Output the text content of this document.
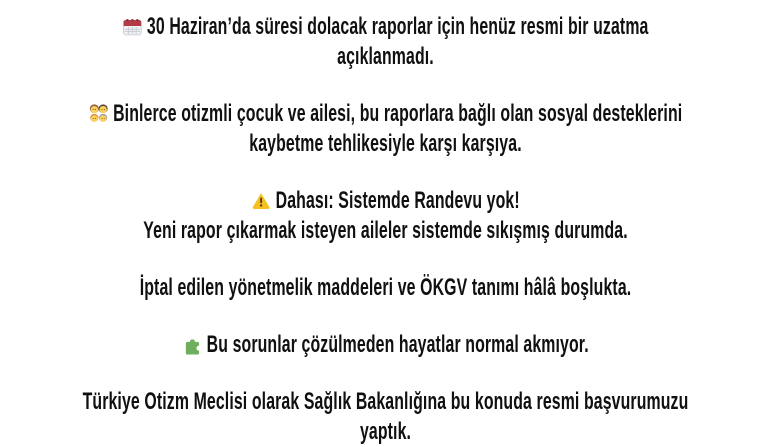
30 Haziran’da süresi dolacak raporlar için henüz resmi bir uzatma
açıklanmadı.
Binlerce otizmli çocuk ve ailesi, bu raporlara bağlı olan sosyal desteklerini
kaybetme tehlikesiyle karşı karşıya.
Dahası: Sistemde Randevu yok!
Yeni rapor çıkarmak isteyen aileler sistemde sıkışmış durumda.
İptal edilen yönetmelik maddeleri ve ÖKGV tanımı hâlâ boşlukta.
Bu sorunlar çözülmeden hayatlar normal akmıyor.
Türkiye Otizm Meclisi olarak Sağlık Bakanlığına bu konuda resmi başvurumuzu
yaptık.
